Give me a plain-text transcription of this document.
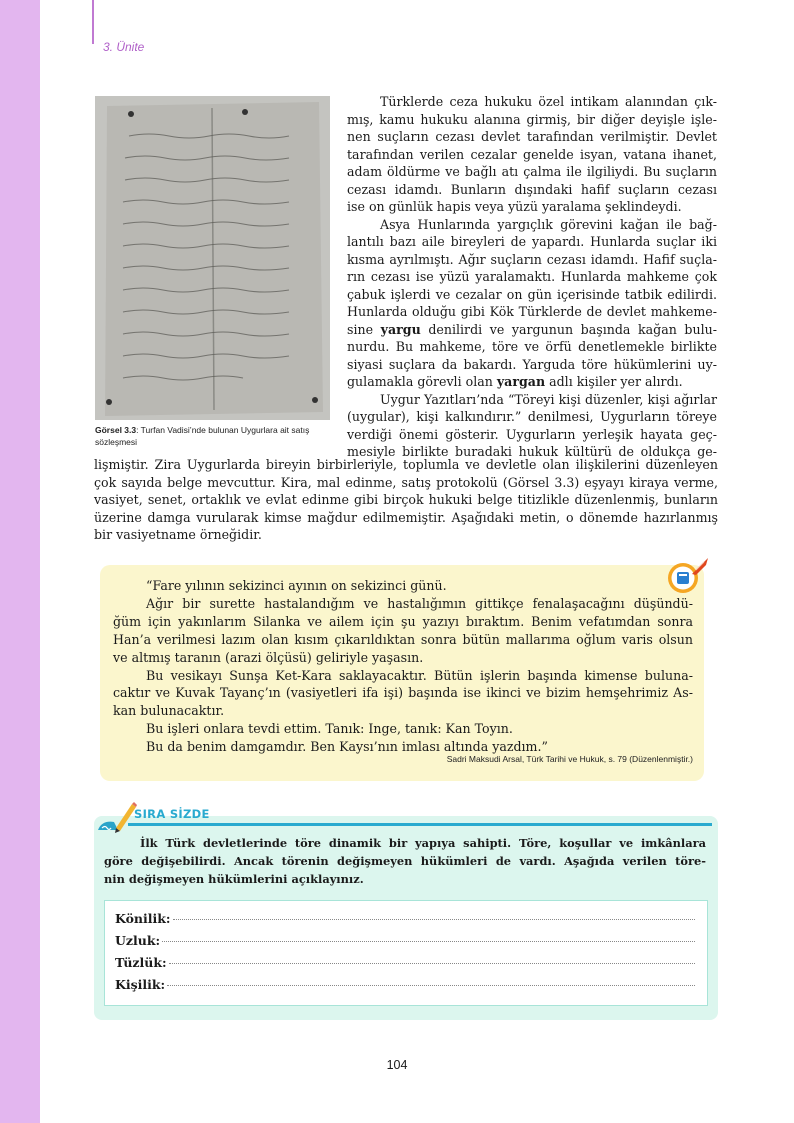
3. Ünite
Görsel 3.3: Turfan Vadisi’nde bulunan Uygurlara ait satış sözleşmesi
Türklerde ceza hukuku özel intikam alanından çık-
mış, kamu hukuku alanına girmiş, bir diğer deyişle işle-
nen suçların cezası devlet tarafından verilmiştir. Devlet
tarafından verilen cezalar genelde isyan, vatana ihanet,
adam öldürme ve bağlı atı çalma ile ilgiliydi. Bu suçların
cezası idamdı. Bunların dışındaki hafif suçların cezası
ise on günlük hapis veya yüzü yaralama şeklindeydi.
Asya Hunlarında yargıçlık görevini kağan ile bağ-
lantılı bazı aile bireyleri de yapardı. Hunlarda suçlar iki
kısma ayrılmıştı. Ağır suçların cezası idamdı. Hafif suçla-
rın cezası ise yüzü yaralamaktı. Hunlarda mahkeme çok
çabuk işlerdi ve cezalar on gün içerisinde tatbik edilirdi.
Hunlarda olduğu gibi Kök Türklerde de devlet mahkeme-
sine yargu denilirdi ve yargunun başında kağan bulu-
nurdu. Bu mahkeme, töre ve örfü denetlemekle birlikte
siyasi suçlara da bakardı. Yarguda töre hükümlerini uy-
gulamakla görevli olan yargan adlı kişiler yer alırdı.
Uygur Yazıtları’nda “Töreyi kişi düzenler, kişi ağırlar
(uygular), kişi kalkındırır.” denilmesi, Uygurların töreye
verdiği önemi gösterir. Uygurların yerleşik hayata geç-
mesiyle birlikte buradaki hukuk kültürü de oldukça ge-
lişmiştir. Zira Uygurlarda bireyin birbirleriyle, toplumla ve devletle olan ilişkilerini düzenleyen
çok sayıda belge mevcuttur. Kira, mal edinme, satış protokolü (Görsel 3.3) eşyayı kiraya verme,
vasiyet, senet, ortaklık ve evlat edinme gibi birçok hukuki belge titizlikle düzenlenmiş, bunların
üzerine damga vurularak kimse mağdur edilmemiştir. Aşağıdaki metin, o dönemde hazırlanmış
bir vasiyetname örneğidir.
“Fare yılının sekizinci ayının on sekizinci günü.
Ağır bir surette hastalandığım ve hastalığımın gittikçe fenalaşacağını düşündü-
ğüm için yakınlarım Silanka ve ailem için şu yazıyı bıraktım. Benim vefatımdan sonra
Han’a verilmesi lazım olan kısım çıkarıldıktan sonra bütün mallarıma oğlum varis olsun
ve altmış taranın (arazi ölçüsü) geliriyle yaşasın.
Bu vesikayı Sunşa Ket-Kara saklayacaktır. Bütün işlerin başında kimense buluna-
caktır ve Kuvak Tayanç’ın (vasiyetleri ifa işi) başında ise ikinci ve bizim hemşehrimiz As-
kan bulunacaktır.
Bu işleri onlara tevdi ettim. Tanık: Inge, tanık: Kan Toyın.
Bu da benim damgamdır. Ben Kaysı’nın imlası altında yazdım.”
Sadri Maksudi Arsal, Türk Tarihi ve Hukuk, s. 79 (Düzenlenmiştir.)
SIRA SİZDE
İlk Türk devletlerinde töre dinamik bir yapıya sahipti. Töre, koşullar ve imkânlara
göre değişebilirdi. Ancak törenin değişmeyen hükümleri de vardı. Aşağıda verilen töre-
nin değişmeyen hükümlerini açıklayınız.
Könilik:
Uzluk:
Tüzlük:
Kişilik:
104
